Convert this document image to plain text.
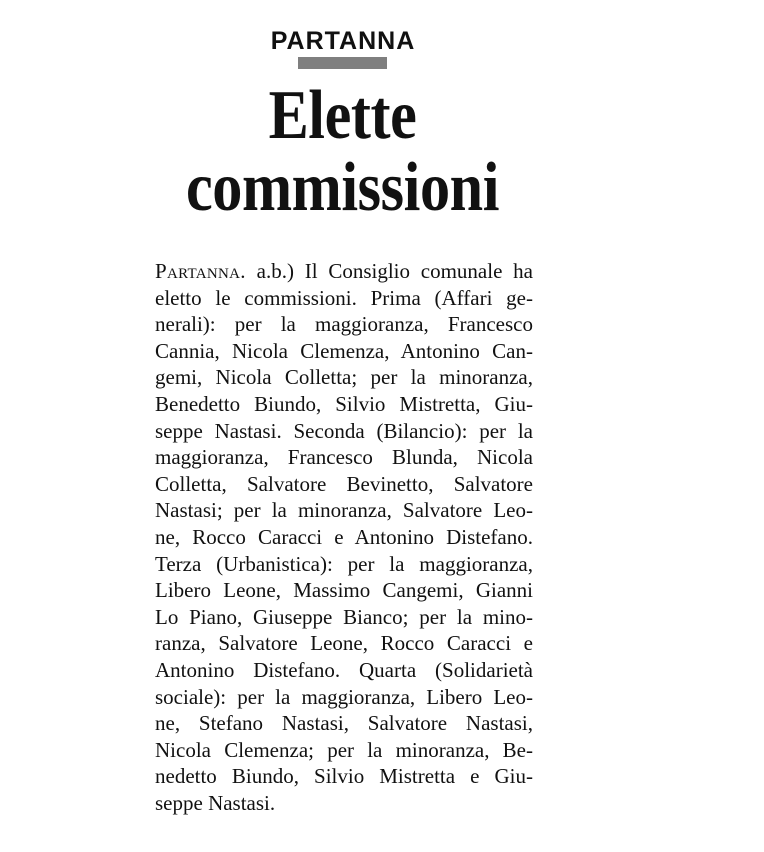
PARTANNA
Elette
commissioni
Partanna. a.b.) Il Consiglio comunale ha
eletto le commissioni. Prima (Affari ge-
nerali): per la maggioranza, Francesco
Cannia, Nicola Clemenza, Antonino Can-
gemi, Nicola Colletta; per la minoranza,
Benedetto Biundo, Silvio Mistretta, Giu-
seppe Nastasi. Seconda (Bilancio): per la
maggioranza, Francesco Blunda, Nicola
Colletta, Salvatore Bevinetto, Salvatore
Nastasi; per la minoranza, Salvatore Leo-
ne, Rocco Caracci e Antonino Distefano.
Terza (Urbanistica): per la maggioranza,
Libero Leone, Massimo Cangemi, Gianni
Lo Piano, Giuseppe Bianco; per la mino-
ranza, Salvatore Leone, Rocco Caracci e
Antonino Distefano. Quarta (Solidarietà
sociale): per la maggioranza, Libero Leo-
ne, Stefano Nastasi, Salvatore Nastasi,
Nicola Clemenza; per la minoranza, Be-
nedetto Biundo, Silvio Mistretta e Giu-
seppe Nastasi.
